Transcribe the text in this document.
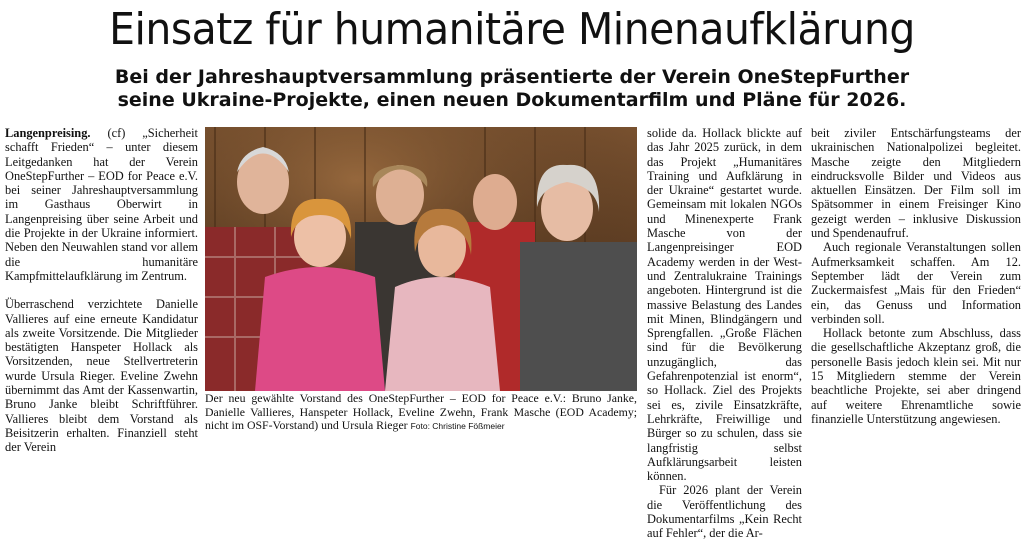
Einsatz für humanitäre Minenaufklärung
Bei der Jahreshauptversammlung präsentierte der Verein OneStepFurther
seine Ukraine-Projekte, einen neuen Dokumentarfilm und Pläne für 2026.

Langenpreising. (cf) „Sicherheit schafft Frieden“ – unter diesem Leitgedanken hat der Verein OneStepFurther – EOD for Peace e.V. bei seiner Jahreshauptversammlung im Gasthaus Oberwirt in Langenpreising über seine Arbeit und die Projekte in der Ukraine informiert. Neben den Neuwahlen stand vor allem die humanitäre Kampfmittelaufklärung im Zentrum.

Überraschend verzichtete Danielle Vallieres auf eine erneute Kandidatur als zweite Vorsitzende. Die Mitglieder bestätigten Hanspeter Hollack als Vorsitzenden, neue Stellvertreterin wurde Ursula Rieger. Eveline Zwehn übernimmt das Amt der Kassenwartin, Bruno Janke bleibt Schriftführer. Vallieres bleibt dem Vorstand als Beisitzerin erhalten. Finanziell steht der Verein

Der neu gewählte Vorstand des OneStepFurther – EOD for Peace e.V.: Bruno Janke, Danielle Vallieres, Hanspeter Hollack, Eveline Zwehn, Frank Masche (EOD Academy; nicht im OSF-Vorstand) und Ursula Rieger Foto: Christine Fößmeier

solide da. Hollack blickte auf das Jahr 2025 zurück, in dem das Projekt „Humanitäres Training und Aufklärung in der Ukraine“ gestartet wurde. Gemeinsam mit lokalen NGOs und Minenexperte Frank Masche von der Langenpreisinger EOD Academy werden in der West- und Zentralukraine Trainings angeboten. Hintergrund ist die massive Belastung des Landes mit Minen, Blindgängern und Sprengfallen. „Große Flächen sind für die Bevölkerung unzugänglich, das Gefahrenpotenzial ist enorm“, so Hollack. Ziel des Projekts sei es, zivile Einsatzkräfte, Lehrkräfte, Freiwillige und Bürger so zu schulen, dass sie langfristig selbst Aufklärungsarbeit leisten können.

Für 2026 plant der Verein die Veröffentlichung des Dokumentarfilms „Kein Recht auf Fehler“, der die Ar-

beit ziviler Entschärfungsteams der ukrainischen Nationalpolizei begleitet. Masche zeigte den Mitgliedern eindrucksvolle Bilder und Videos aus aktuellen Einsätzen. Der Film soll im Spätsommer in einem Freisinger Kino gezeigt werden – inklusive Diskussion und Spendenaufruf.

Auch regionale Veranstaltungen sollen Aufmerksamkeit schaffen. Am 12. September lädt der Verein zum Zuckermaisfest „Mais für den Frieden“ ein, das Genuss und Information verbinden soll.

Hollack betonte zum Abschluss, dass die gesellschaftliche Akzeptanz groß, die personelle Basis jedoch klein sei. Mit nur 15 Mitgliedern stemme der Verein beachtliche Projekte, sei aber dringend auf weitere Ehrenamtliche sowie finanzielle Unterstützung angewiesen.
